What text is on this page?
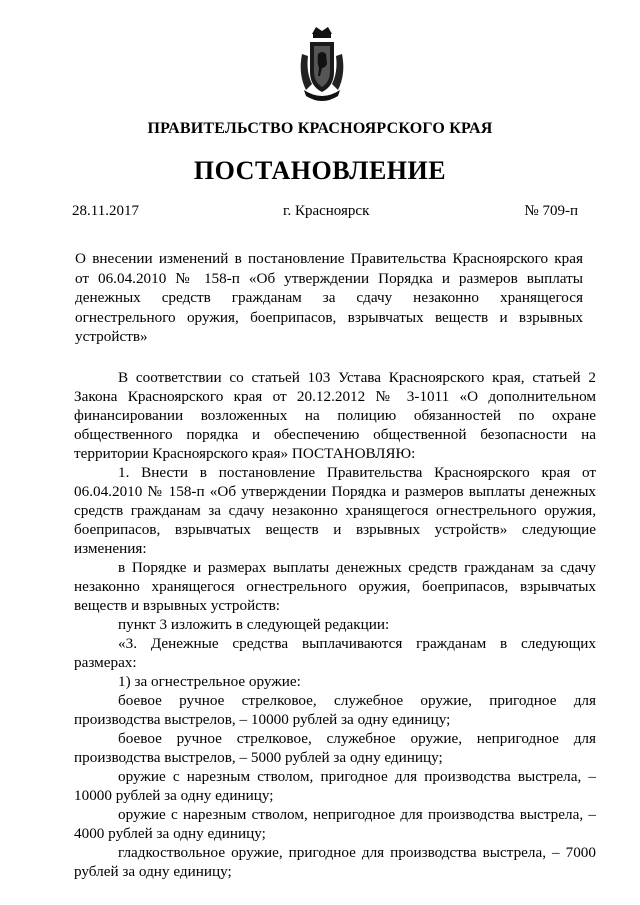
ПРАВИТЕЛЬСТВО КРАСНОЯРСКОГО КРАЯ
ПОСТАНОВЛЕНИЕ
28.11.2017	г. Красноярск	№ 709-п
О внесении изменений в постановление Правительства Красноярского края от 06.04.2010 № 158-п «Об утверждении Порядка и размеров выплаты денежных средств гражданам за сдачу незаконно хранящегося огнестрельного оружия, боеприпасов, взрывчатых веществ и взрывных устройств»

В соответствии со статьей 103 Устава Красноярского края, статьей 2 Закона Красноярского края от 20.12.2012 № 3-1011 «О дополнительном финансировании возложенных на полицию обязанностей по охране общественного порядка и обеспечению общественной безопасности на территории Красноярского края» ПОСТАНОВЛЯЮ:

1. Внести в постановление Правительства Красноярского края от 06.04.2010 № 158-п «Об утверждении Порядка и размеров выплаты денежных средств гражданам за сдачу незаконно хранящегося огнестрельного оружия, боеприпасов, взрывчатых веществ и взрывных устройств» следующие изменения:

в Порядке и размерах выплаты денежных средств гражданам за сдачу незаконно хранящегося огнестрельного оружия, боеприпасов, взрывчатых веществ и взрывных устройств:

пункт 3 изложить в следующей редакции:

«3. Денежные средства выплачиваются гражданам в следующих размерах:

1) за огнестрельное оружие:

боевое ручное стрелковое, служебное оружие, пригодное для производства выстрелов, – 10000 рублей за одну единицу;

боевое ручное стрелковое, служебное оружие, непригодное для производства выстрелов, – 5000 рублей за одну единицу;

оружие с нарезным стволом, пригодное для производства выстрела, – 10000 рублей за одну единицу;

оружие с нарезным стволом, непригодное для производства выстрела, – 4000 рублей за одну единицу;

гладкоствольное оружие, пригодное для производства выстрела, – 7000 рублей за одну единицу;
